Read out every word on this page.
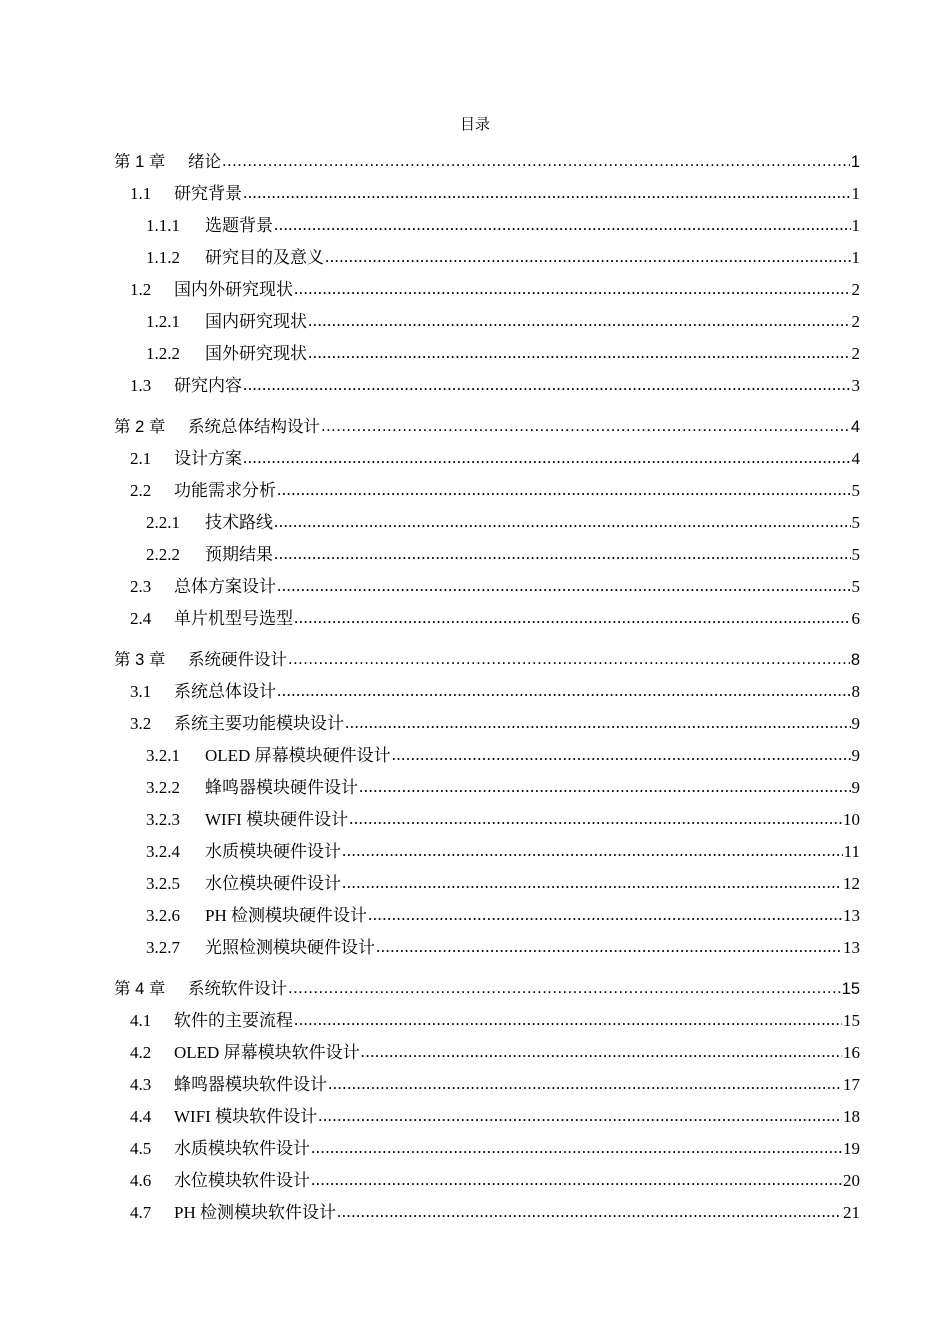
目录
第 1 章	绪论 .....	1
1.1	研究背景 .....	1
1.1.1	选题背景 .....	1
1.1.2	研究目的及意义 .....	1
1.2	国内外研究现状 .....	2
1.2.1	国内研究现状 .....	2
1.2.2	国外研究现状 .....	2
1.3	研究内容 .....	3
第 2 章	系统总体结构设计 .....	4
2.1	设计方案 .....	4
2.2	功能需求分析 .....	5
2.2.1	技术路线 .....	5
2.2.2	预期结果 .....	5
2.3	总体方案设计 .....	5
2.4	单片机型号选型 .....	6
第 3 章	系统硬件设计 .....	8
3.1	系统总体设计 .....	8
3.2	系统主要功能模块设计 .....	9
3.2.1	OLED 屏幕模块硬件设计 .....	9
3.2.2	蜂鸣器模块硬件设计 .....	9
3.2.3	WIFI 模块硬件设计 .....	10
3.2.4	水质模块硬件设计 .....	11
3.2.5	水位模块硬件设计 .....	12
3.2.6	PH 检测模块硬件设计 .....	13
3.2.7	光照检测模块硬件设计 .....	13
第 4 章	系统软件设计 .....	15
4.1	软件的主要流程 .....	15
4.2	OLED 屏幕模块软件设计 .....	16
4.3	蜂鸣器模块软件设计 .....	17
4.4	WIFI 模块软件设计 .....	18
4.5	水质模块软件设计 .....	19
4.6	水位模块软件设计 .....	20
4.7	PH 检测模块软件设计 .....	21
